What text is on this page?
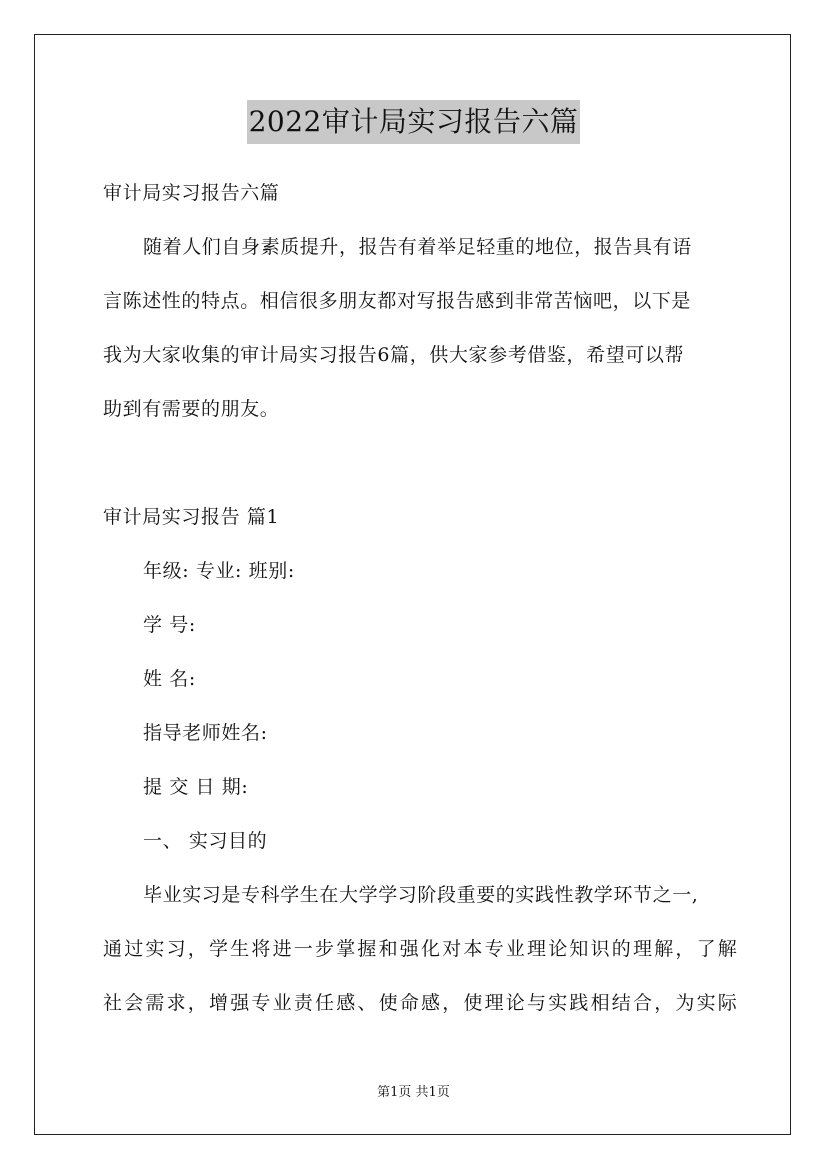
2022审计局实习报告六篇
审计局实习报告六篇
随着人们自身素质提升，报告有着举足轻重的地位，报告具有语
言陈述性的特点。相信很多朋友都对写报告感到非常苦恼吧，以下是
我为大家收集的审计局实习报告6篇，供大家参考借鉴，希望可以帮
助到有需要的朋友。
审计局实习报告 篇1
年级: 专业: 班别:
学 号:
姓 名:
指导老师姓名:
提 交 日 期:
一、 实习目的
毕业实习是专科学生在大学学习阶段重要的实践性教学环节之一,
通过实习，学生将进一步掌握和强化对本专业理论知识的理解，了解
社会需求，增强专业责任感、使命感，使理论与实践相结合，为实际
第1页 共1页
